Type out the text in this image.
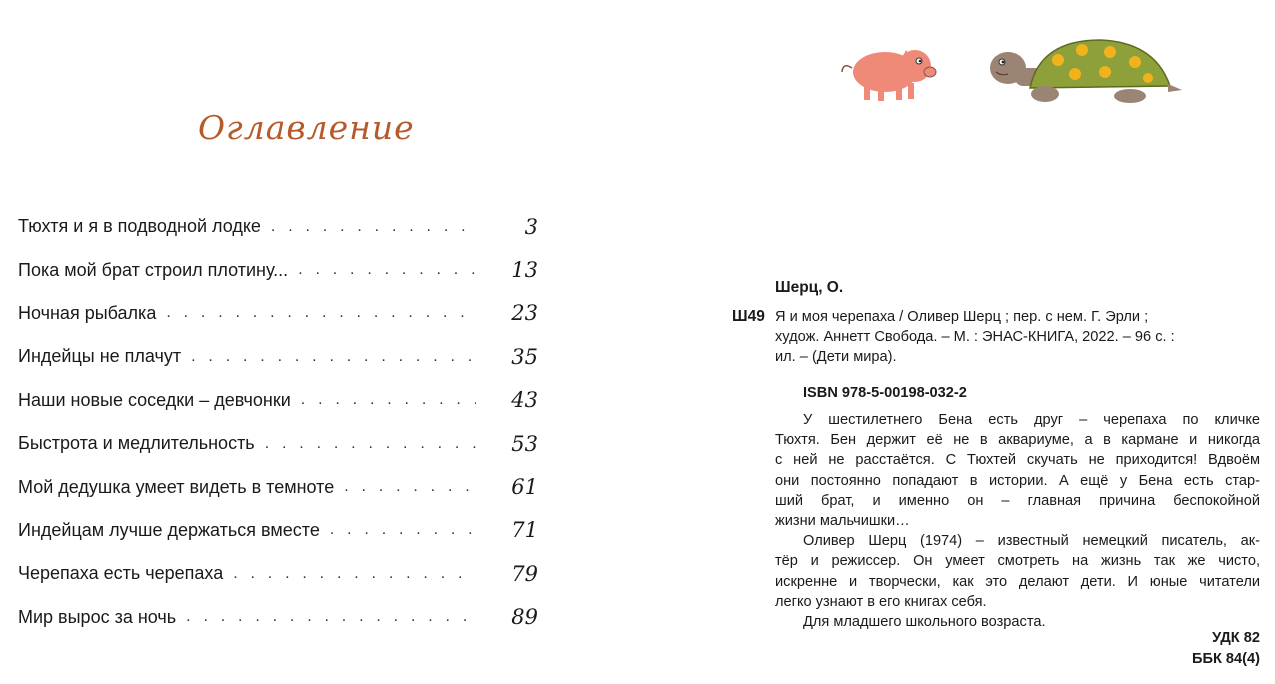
Оглавление
Тюхтя и я в подводной лодке . . .	3
Пока мой брат строил плотину... . . .	13
Ночная рыбалка . . .	23
Индейцы не плачут . . .	35
Наши новые соседки – девчонки . . .	43
Быстрота и медлительность . . .	53
Мой дедушка умеет видеть в темноте . . .	61
Индейцам лучше держаться вместе . . .	71
Черепаха есть черепаха . . .	79
Мир вырос за ночь . . .	89
Шерц, О.
Ш49 Я и моя черепаха / Оливер Шерц ; пер. с нем. Г. Эрли ;
худож. Аннетт Свобода. – М. : ЭНАС-КНИГА, 2022. – 96 с. :
ил. – (Дети мира).
ISBN 978-5-00198-032-2
У шестилетнего Бена есть друг – черепаха по кличке
Тюхтя. Бен держит её не в аквариуме, а в кармане и никогда
с ней не расстаётся. С Тюхтей скучать не приходится! Вдвоём
они постоянно попадают в истории. А ещё у Бена есть стар-
ший брат, и именно он – главная причина беспокойной
жизни мальчишки…
Оливер Шерц (1974) – известный немецкий писатель, ак-
тёр и режиссер. Он умеет смотреть на жизнь так же чисто,
искренне и творчески, как это делают дети. И юные читатели
легко узнают в его книгах себя.
Для младшего школьного возраста.
УДК 82
ББК 84(4)
